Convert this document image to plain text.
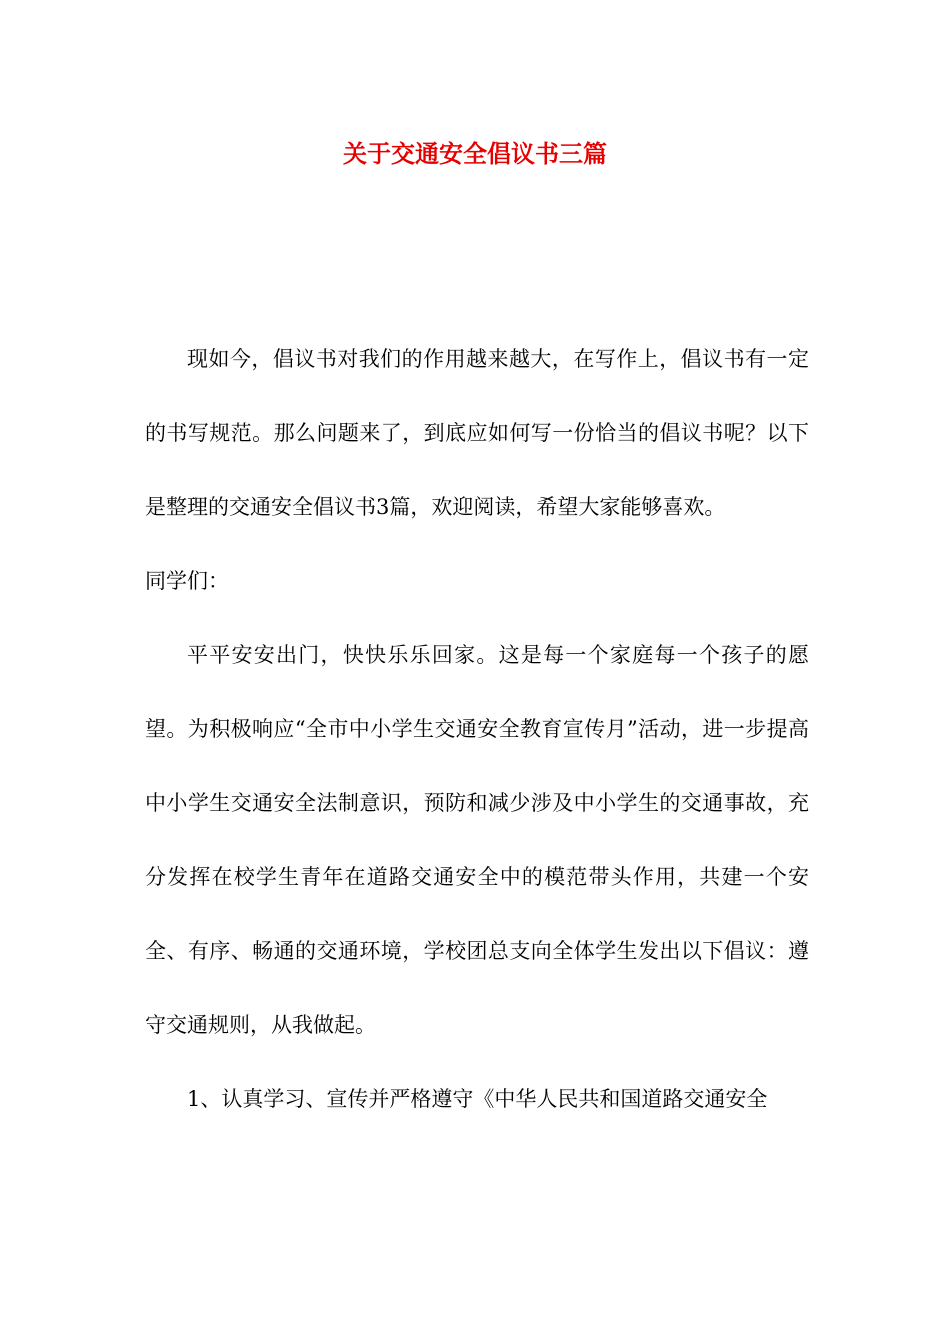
关于交通安全倡议书三篇

现如今，倡议书对我们的作用越来越大，在写作上，倡议书有一定的书写规范。那么问题来了，到底应如何写一份恰当的倡议书呢？以下是整理的交通安全倡议书3篇，欢迎阅读，希望大家能够喜欢。

同学们：

平平安安出门，快快乐乐回家。这是每一个家庭每一个孩子的愿望。为积极响应“全市中小学生交通安全教育宣传月”活动，进一步提高中小学生交通安全法制意识，预防和减少涉及中小学生的交通事故，充分发挥在校学生青年在道路交通安全中的模范带头作用，共建一个安全、有序、畅通的交通环境，学校团总支向全体学生发出以下倡议：遵守交通规则，从我做起。

1、认真学习、宣传并严格遵守《中华人民共和国道路交通安全
